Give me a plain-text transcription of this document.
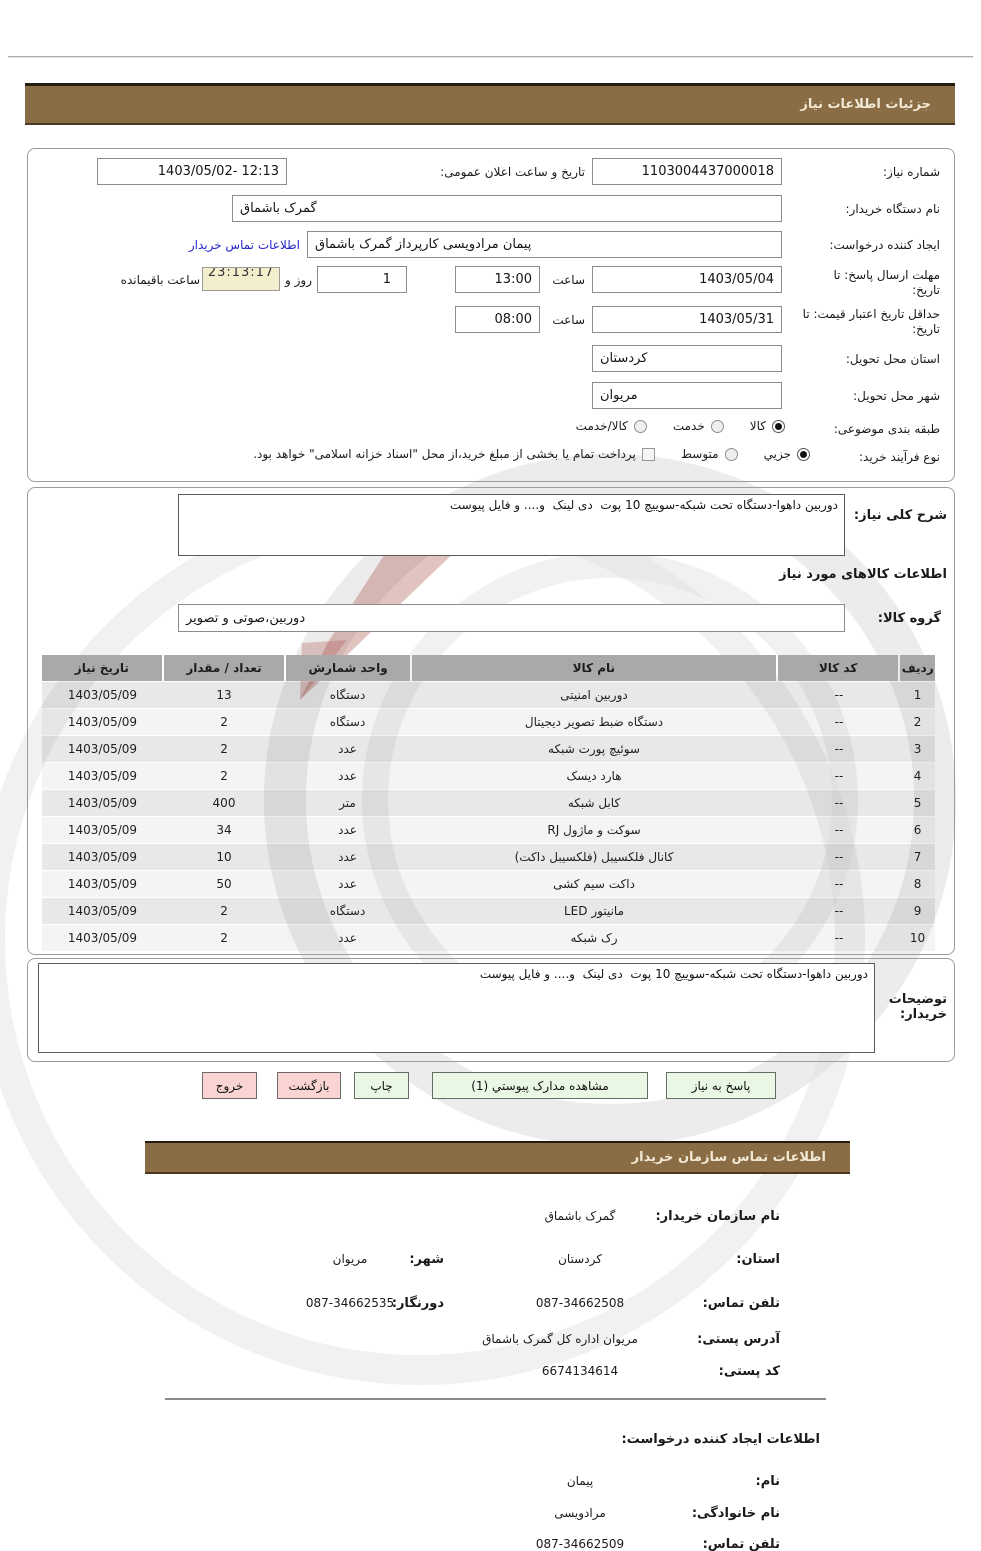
جزئیات اطلاعات نیاز
شماره نیاز:
1103004437000018
تاریخ و ساعت اعلان عمومی:
1403/05/02- 12:13
نام دستگاه خریدار:
گمرک باشماق
ایجاد کننده درخواست:
پیمان مرادویسی کارپرداز گمرک باشماق
اطلاعات تماس خریدار
مهلت ارسال پاسخ: تا تاریخ:
1403/05/04
ساعت
13:00
1
روز و
23:13:17
ساعت باقیمانده
حداقل تاریخ اعتبار قیمت: تا تاریخ:
1403/05/31
ساعت
08:00
استان محل تحویل:
کردستان
شهر محل تحویل:
مریوان
طبقه بندی موضوعی:
کالا
خدمت
کالا/خدمت
نوع فرآیند خرید:
جزیي
متوسط
پرداخت تمام یا بخشی از مبلغ خرید،از محل "اسناد خزانه اسلامی" خواهد بود.
شرح کلی نیاز:
دوربین داهوا-دستگاه تحت شبکه-سوییچ 10 پوت دی لینک و.... و فایل پیوست
اطلاعات کالاهای مورد نیاز
گروه کالا:
دوربین،صوتی و تصویر
ردیف
کد کالا
نام کالا
واحد شمارش
تعداد / مقدار
تاریخ نیاز
1
--
دوربین امنیتی
دستگاه
13
1403/05/09
2
--
دستگاه ضبط تصویر دیجیتال
دستگاه
2
1403/05/09
3
--
سوئیچ پورت شبکه
عدد
2
1403/05/09
4
--
هارد دیسک
عدد
2
1403/05/09
5
--
کابل شبکه
متر
400
1403/05/09
6
--
سوکت و ماژول RJ
عدد
34
1403/05/09
7
--
کانال فلکسیبل (فلکسیبل داکت)
عدد
10
1403/05/09
8
--
داکت سیم کشی
عدد
50
1403/05/09
9
--
مانیتور LED
دستگاه
2
1403/05/09
10
--
رک شبکه
عدد
2
1403/05/09
توضیحات خریدار:
دوربین داهوا-دستگاه تحت شبکه-سوییچ 10 پوت دی لینک و.... و فایل پیوست
پاسخ به نیاز
مشاهده مدارک پیوستي (1)
چاپ
بازگشت
خروج
اطلاعات تماس سازمان خریدار
نام سازمان خریدار:
گمرک باشماق
استان:
کردستان
شهر:
مریوان
تلفن تماس:
087-34662508
دورنگار:
087-34662535
آدرس پستی:
مریوان اداره کل گمرک باشماق
کد پستی:
6674134614
اطلاعات ایجاد کننده درخواست:
نام:
پیمان
نام خانوادگی:
مرادویسی
تلفن تماس:
087-34662509
